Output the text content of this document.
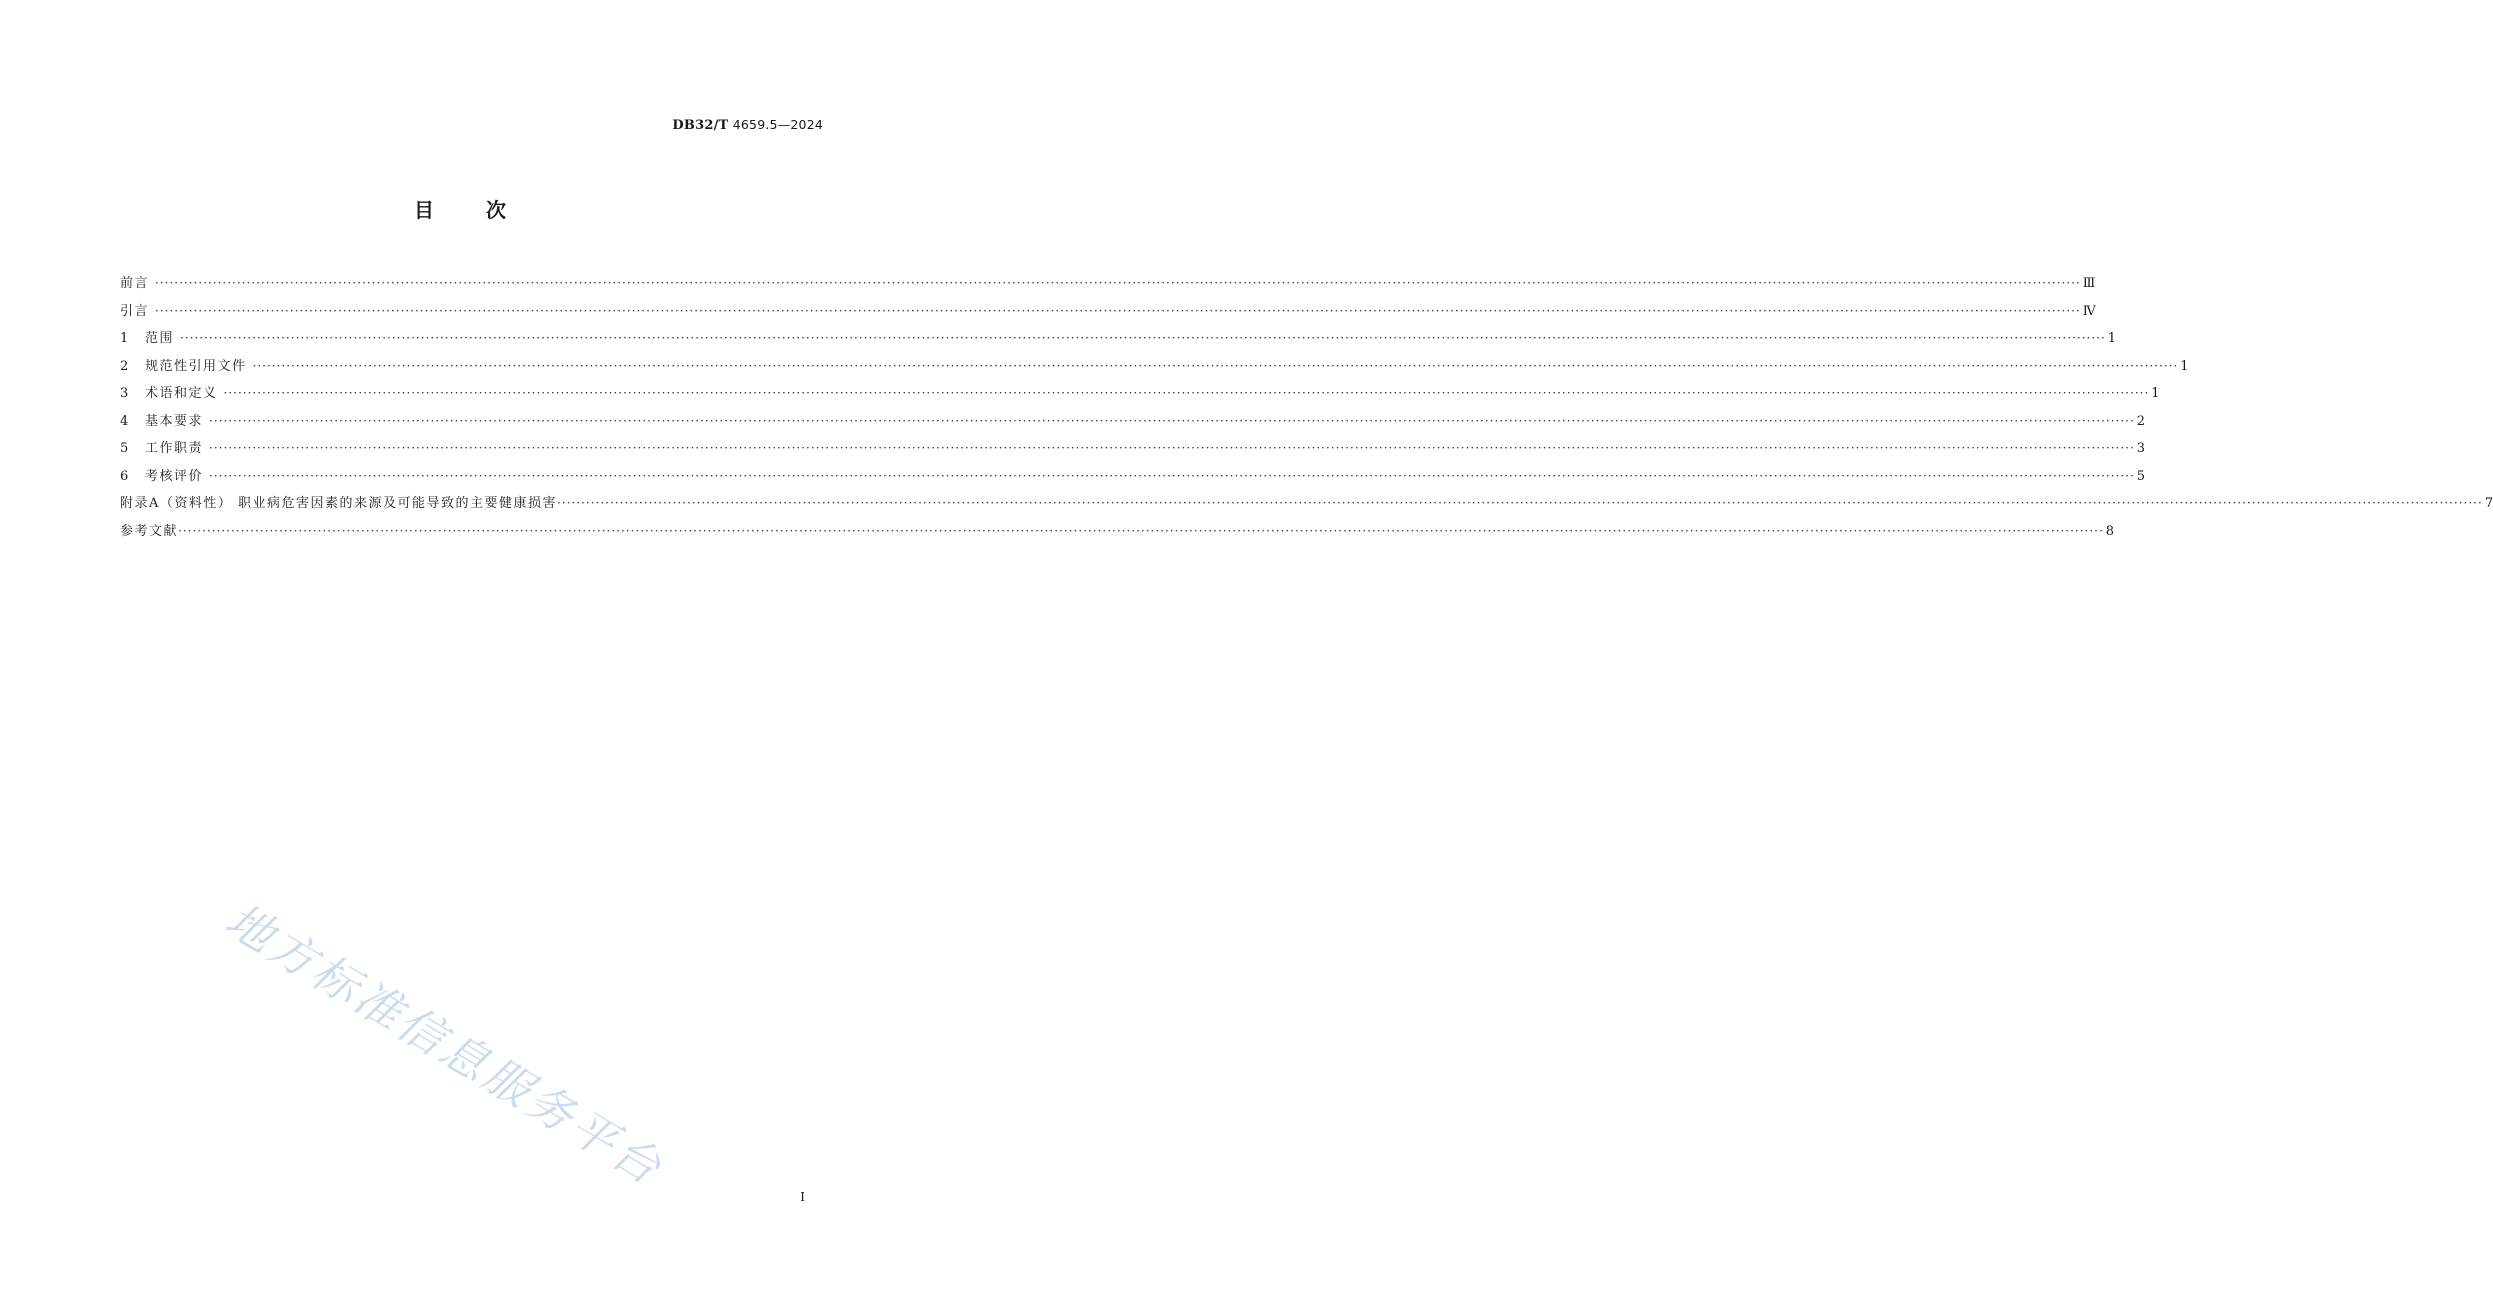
DB32/T 4659.5—2024
目次
前言 ················································································································································································································································································································································································································ Ⅲ
引言 ················································································································································································································································································································································································································ Ⅳ
1 范围 ················································································································································································································································································································································································································ 1
2 规范性引用文件 ················································································································································································································································································································································································································ 1
3 术语和定义 ················································································································································································································································································································································································································ 1
4 基本要求 ················································································································································································································································································································································································································ 2
5 工作职责 ················································································································································································································································································································································································································ 3
6 考核评价 ················································································································································································································································································································································································································ 5
附录A（资料性） 职业病危害因素的来源及可能导致的主要健康损害 ················································································································································································································································································································································································································ 7
参考文献 ················································································································································································································································································································································································································ 8
地方标准信息服务平台
I
